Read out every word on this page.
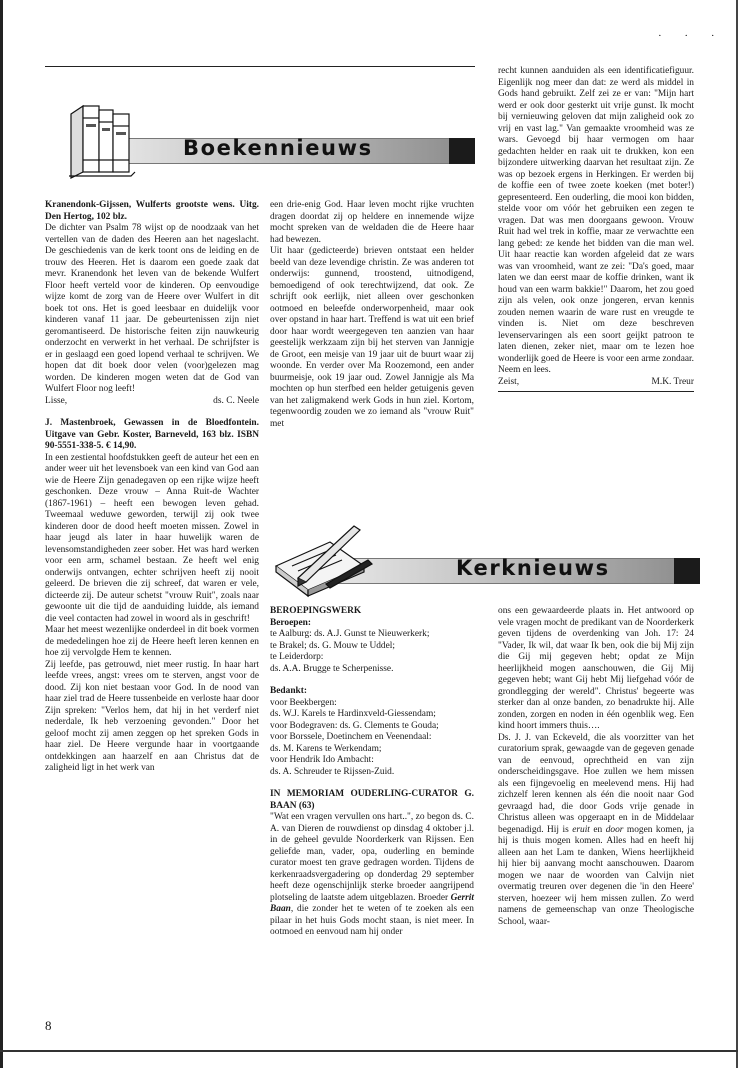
· · ·
Boekennieuws

Kranendonk-Gijssen, Wulferts grootste wens. Uitg. Den Hertog, 102 blz.

De dichter van Psalm 78 wijst op de noodzaak van het vertellen van de daden des Heeren aan het nageslacht. De geschiedenis van de kerk toont ons de leiding en de trouw des Heeren. Het is daarom een goede zaak dat mevr. Kranendonk het leven van de bekende Wulfert Floor heeft verteld voor de kinderen. Op eenvoudige wijze komt de zorg van de Heere over Wulfert in dit boek tot ons. Het is goed leesbaar en duidelijk voor kinderen vanaf 11 jaar. De gebeurtenissen zijn niet geromantiseerd. De historische feiten zijn nauwkeurig onderzocht en verwerkt in het verhaal. De schrijfster is er in geslaagd een goed lopend verhaal te schrijven. We hopen dat dit boek door velen (voor)gelezen mag worden. De kinderen mogen weten dat de God van Wulfert Floor nog leeft!

Lisse,	ds. C. Neele

J. Mastenbroek, Gewassen in de Bloedfontein. Uitgave van Gebr. Koster, Barneveld, 163 blz. ISBN 90-5551-338-5. € 14,90.

In een zestiental hoofdstukken geeft de auteur het een en ander weer uit het levensboek van een kind van God aan wie de Heere Zijn genadegaven op een rijke wijze heeft geschonken. Deze vrouw – Anna Ruit-de Wachter (1867-1961) – heeft een bewogen leven gehad. Tweemaal weduwe geworden, terwijl zij ook twee kinderen door de dood heeft moeten missen. Zowel in haar jeugd als later in haar huwelijk waren de levensomstandigheden zeer sober. Het was hard werken voor een arm, schamel bestaan. Ze heeft wel enig onderwijs ontvangen, echter schrijven heeft zij nooit geleerd. De brieven die zij schreef, dat waren er vele, dicteerde zij. De auteur schetst "vrouw Ruit", zoals naar gewoonte uit die tijd de aanduiding luidde, als iemand die veel contacten had zowel in woord als in geschrift!

Maar het meest wezenlijke onderdeel in dit boek vormen de mededelingen hoe zij de Heere heeft leren kennen en hoe zij vervolgde Hem te kennen.

Zij leefde, pas getrouwd, niet meer rustig. In haar hart leefde vrees, angst: vrees om te sterven, angst voor de dood. Zij kon niet bestaan voor God. In de nood van haar ziel trad de Heere tussenbeide en verloste haar door Zijn spreken: "Verlos hem, dat hij in het verderf niet nederdale, Ik heb verzoening gevonden." Door het geloof mocht zij amen zeggen op het spreken Gods in haar ziel. De Heere vergunde haar in voortgaande ontdekkingen aan haarzelf en aan Christus dat de zaligheid ligt in het werk van

een drie-enig God. Haar leven mocht rijke vruchten dragen doordat zij op heldere en innemende wijze mocht spreken van de weldaden die de Heere haar had bewezen.

Uit haar (gedicteerde) brieven ontstaat een helder beeld van deze levendige christin. Ze was anderen tot onderwijs: gunnend, troostend, uitnodigend, bemoedigend of ook terechtwijzend, dat ook. Ze schrijft ook eerlijk, niet alleen over geschonken ootmoed en beleefde onderworpenheid, maar ook over opstand in haar hart. Treffend is wat uit een brief door haar wordt weergegeven ten aanzien van haar geestelijk werkzaam zijn bij het sterven van Jannigje de Groot, een meisje van 19 jaar uit de buurt waar zij woonde. En verder over Ma Roozemond, een ander buurmeisje, ook 19 jaar oud. Zowel Jannigje als Ma mochten op hun sterfbed een helder getuigenis geven van het zaligmakend werk Gods in hun ziel. Kortom, tegenwoordig zouden we zo iemand als "vrouw Ruit" met

recht kunnen aanduiden als een identificatiefiguur. Eigenlijk nog meer dan dat: ze werd als middel in Gods hand gebruikt. Zelf zei ze er van: "Mijn hart werd er ook door gesterkt uit vrije gunst. Ik mocht bij vernieuwing geloven dat mijn zaligheid ook zo vrij en vast lag." Van gemaakte vroomheid was ze wars. Gevoegd bij haar vermogen om haar gedachten helder en raak uit te drukken, kon een bijzondere uitwerking daarvan het resultaat zijn. Ze was op bezoek ergens in Herkingen. Er werden bij de koffie een of twee zoete koeken (met boter!) gepresenteerd. Een ouderling, die mooi kon bidden, stelde voor om vóór het gebruiken een zegen te vragen. Dat was men doorgaans gewoon. Vrouw Ruit had wel trek in koffie, maar ze verwachtte een lang gebed: ze kende het bidden van die man wel. Uit haar reactie kan worden afgeleid dat ze wars was van vroomheid, want ze zei: "Da's goed, maar laten we dan eerst maar de koffie drinken, want ik houd van een warm bakkie!" Daarom, het zou goed zijn als velen, ook onze jongeren, ervan kennis zouden nemen waarin de ware rust en vreugde te vinden is. Niet om deze beschreven levenservaringen als een soort geijkt patroon te laten dienen, zeker niet, maar om te lezen hoe wonderlijk goed de Heere is voor een arme zondaar. Neem en lees.

Zeist,	M.K. Treur
Kerknieuws

BEROEPINGSWERK

Beroepen:

te Aalburg: ds. A.J. Gunst te Nieuwerkerk;

te Brakel; ds. G. Mouw te Uddel;

te Leiderdorp:

ds. A.A. Brugge te Scherpenisse.

Bedankt:

voor Beekbergen:

ds. W.J. Karels te Hardinxveld-Giessendam;

voor Bodegraven: ds. G. Clements te Gouda;

voor Borssele, Doetinchem en Veenendaal:

ds. M. Karens te Werkendam;

voor Hendrik Ido Ambacht:

ds. A. Schreuder te Rijssen-Zuid.

IN MEMORIAM OUDERLING-CURATOR G. BAAN (63)

"Wat een vragen vervullen ons hart..", zo begon ds. C. A. van Dieren de rouwdienst op dinsdag 4 oktober j.l. in de geheel gevulde Noorderkerk van Rijssen. Een geliefde man, vader, opa, ouderling en beminde curator moest ten grave gedragen worden. Tijdens de kerkenraadsvergadering op donderdag 29 september heeft deze ogenschijnlijk sterke broeder aangrijpend plotseling de laatste adem uitgeblazen. Broeder Gerrit Baan, die zonder het te weten of te zoeken als een pilaar in het huis Gods mocht staan, is niet meer. In ootmoed en eenvoud nam hij onder

ons een gewaardeerde plaats in. Het antwoord op vele vragen mocht de predikant van de Noorderkerk geven tijdens de overdenking van Joh. 17: 24 "Vader, Ik wil, dat waar Ik ben, ook die bij Mij zijn die Gij mij gegeven hebt; opdat ze Mijn heerlijkheid mogen aanschouwen, die Gij Mij gegeven hebt; want Gij hebt Mij liefgehad vóór de grondlegging der wereld". Christus' begeerte was sterker dan al onze banden, zo benadrukte hij. Alle zonden, zorgen en noden in één ogenblik weg. Een kind hoort immers thuis….

Ds. J. J. van Eckeveld, die als voorzitter van het curatorium sprak, gewaagde van de gegeven genade van de eenvoud, oprechtheid en van zijn onderscheidingsgave. Hoe zullen we hem missen als een fijngevoelig en meelevend mens. Hij had zichzelf leren kennen als één die nooit naar God gevraagd had, die door Gods vrije genade in Christus alleen was opgeraapt en in de Middelaar begenadigd. Hij is eruit en door mogen komen, ja hij is thuis mogen komen. Alles had en heeft hij alleen aan het Lam te danken, Wiens heerlijkheid hij hier bij aanvang mocht aanschouwen. Daarom mogen we naar de woorden van Calvijn niet overmatig treuren over degenen die 'in den Heere' sterven, hoezeer wij hem missen zullen. Zo werd namens de gemeenschap van onze Theologische School, waar-

8
